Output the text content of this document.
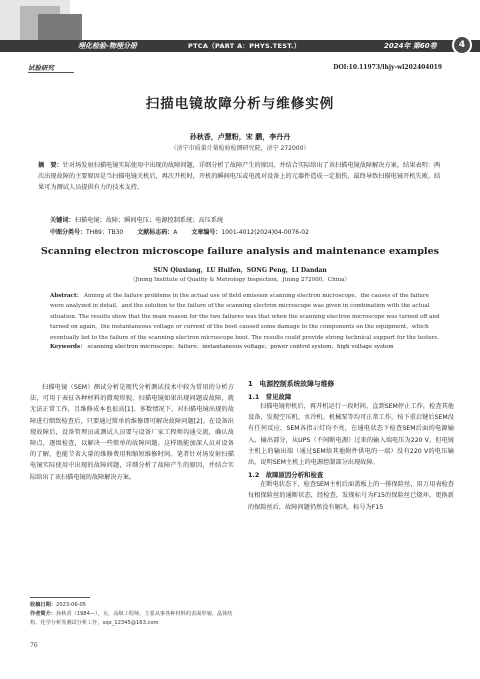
理化检验-物理分册	PTCA（PART A：PHYS.TEST.）	2024年 第60卷	4
试验研究	DOI:10.11973/lhjy-wl202404019
扫描电镜故障分析与维修实例
孙秋香，卢慧粉，宋 鹏，李丹丹
（济宁市质量计量检验检测研究院，济宁 272000）
摘　要：针对场发射扫描电镜实际使用中出现的故障问题，详细分析了故障产生的原因，并结合实际给出了该扫描电镜故障解决方案。结果表明：两次出现故障的主要原因是当扫描电镜关机后，再次开机时，开机的瞬间电压或电流对设备上的元器件造成一定损伤，最终导致扫描电镜开机失败。结果可为测试人员提供有力的技术支持。
关键词：扫描电镜；故障；瞬间电压；电源控制系统；高压系统
中图分类号：TH89；TB30 文献标志码：A 文章编号：1001-4012(2024)04-0076-02
Scanning electron microscope failure analysis and maintenance examples
SUN Qiuxiang，LU Huifen，SONG Peng，LI Dandan
（Jining Institute of Quality & Metrology Inspection，Jining 272000，China）
Abstract： Aiming at the failure problems in the actual use of field emission scanning electron microscope，the causes of the failure were analyzed in detail，and the solution to the failure of the scanning electron microscope was given in combination with the actual situation. The results show that the main reason for the two failures was that when the scanning electron microscope was turned off and turned on again，the instantaneous voltage or current of the boot caused some damage to the components on the equipment，which eventually led to the failure of the scanning electron microscope boot. The results could provide strong technical support for the testers.
Keywords： scanning electron microscope；failure；instantaneous voltage；power control system；high voltage system

扫描电镜（SEM）测试分析是现代分析测试技术中较为常用的分析方法，可用于表征各种材料的微观形貌，扫描电镜如果出现问题或故障，就无法正常工作，且维修成本也很高[1]。多数情况下，对扫描电镜出现的故障进行细致检查后，只要通过简单的维修即可解决故障问题[2]。在设备出现故障后，设备管理员或测试人员要与设备厂家工程师沟通交流，确认故障点，逐级检查，以解决一些简单的故障问题。这样既能加深人员对设备的了解，也能节省大量的维修费用和缩短维修时间。笔者针对场发射扫描电镜实际使用中出现的故障问题，详细分析了故障产生的原因，并结合实际给出了该扫描电镜的故障解决方案。

1　电源控制系统故障与维修
1.1　常见故障

扫描电镜停机后，再开机运行一段时间，直到SEM停止工作，检查其他设备，发现空压机、水冷机、机械泵等均可正常工作，按下重启键后SEM没有任何反应，SEM各指示灯均不亮，在通电状态下检查SEM后面的电源输入、输出部分，从UPS（不间断电源）过来的输入端电压为220 V，但电镜主机上的输出端（通过SEM给其他附件供电的一端）没有220 V的电压输出，说明SEM主机上的电源控制部分出现故障。

1.2　故障原因分析和检查

在断电状态下，检查SEM主机后面盖板上的一排保险丝，用万用表检查每根保险丝的通断状态，经检查，发现标号为F15的保险丝已烧坏，更换新的保险丝后，故障问题仍然没有解决。标号为F15

收稿日期：2023-06-05
作者简介：孙秋香（1984—），女，高级工程师，主要从事各种材料的表面形貌、晶体结构、化学分析等测试分析工作，sqx_12345@163.com
76
